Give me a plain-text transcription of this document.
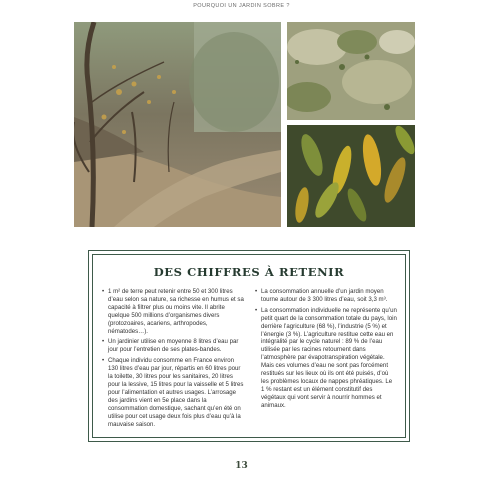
POURQUOI UN JARDIN SOBRE ?
DES CHIFFRES À RETENIR
• 1 m² de terre peut retenir entre 50 et 300 litres d’eau selon sa nature, sa richesse en humus et sa capacité à filtrer plus ou moins vite. Il abrite quelque 500 millions d’organismes divers (protozoaires, acariens, arthropodes, nématodes…).
• Un jardinier utilise en moyenne 8 litres d’eau par jour pour l’entretien de ses plates-bandes.
• Chaque individu consomme en France environ 130 litres d’eau par jour, répartis en 60 litres pour la toilette, 30 litres pour les sanitaires, 20 litres pour la lessive, 15 litres pour la vaisselle et 5 litres pour l’alimentation et autres usages. L’arrosage des jardins vient en 5e place dans la consommation domestique, sachant qu’en été on utilise pour cet usage deux fois plus d’eau qu’à la mauvaise saison.
• La consommation annuelle d’un jardin moyen tourne autour de 3 300 litres d’eau, soit 3,3 m³.
• La consommation individuelle ne représente qu’un petit quart de la consommation totale du pays, loin derrière l’agriculture (68 %), l’industrie (5 %) et l’énergie (3 %). L’agriculture restitue cette eau en intégralité par le cycle naturel : 89 % de l’eau utilisée par les racines retournent dans l’atmosphère par évapotranspiration végétale. Mais ces volumes d’eau ne sont pas forcément restitués sur les lieux où ils ont été puisés, d’où les problèmes locaux de nappes phréatiques. Le 1 % restant est un élément constitutif des végétaux qui vont servir à nourrir hommes et animaux.
13
